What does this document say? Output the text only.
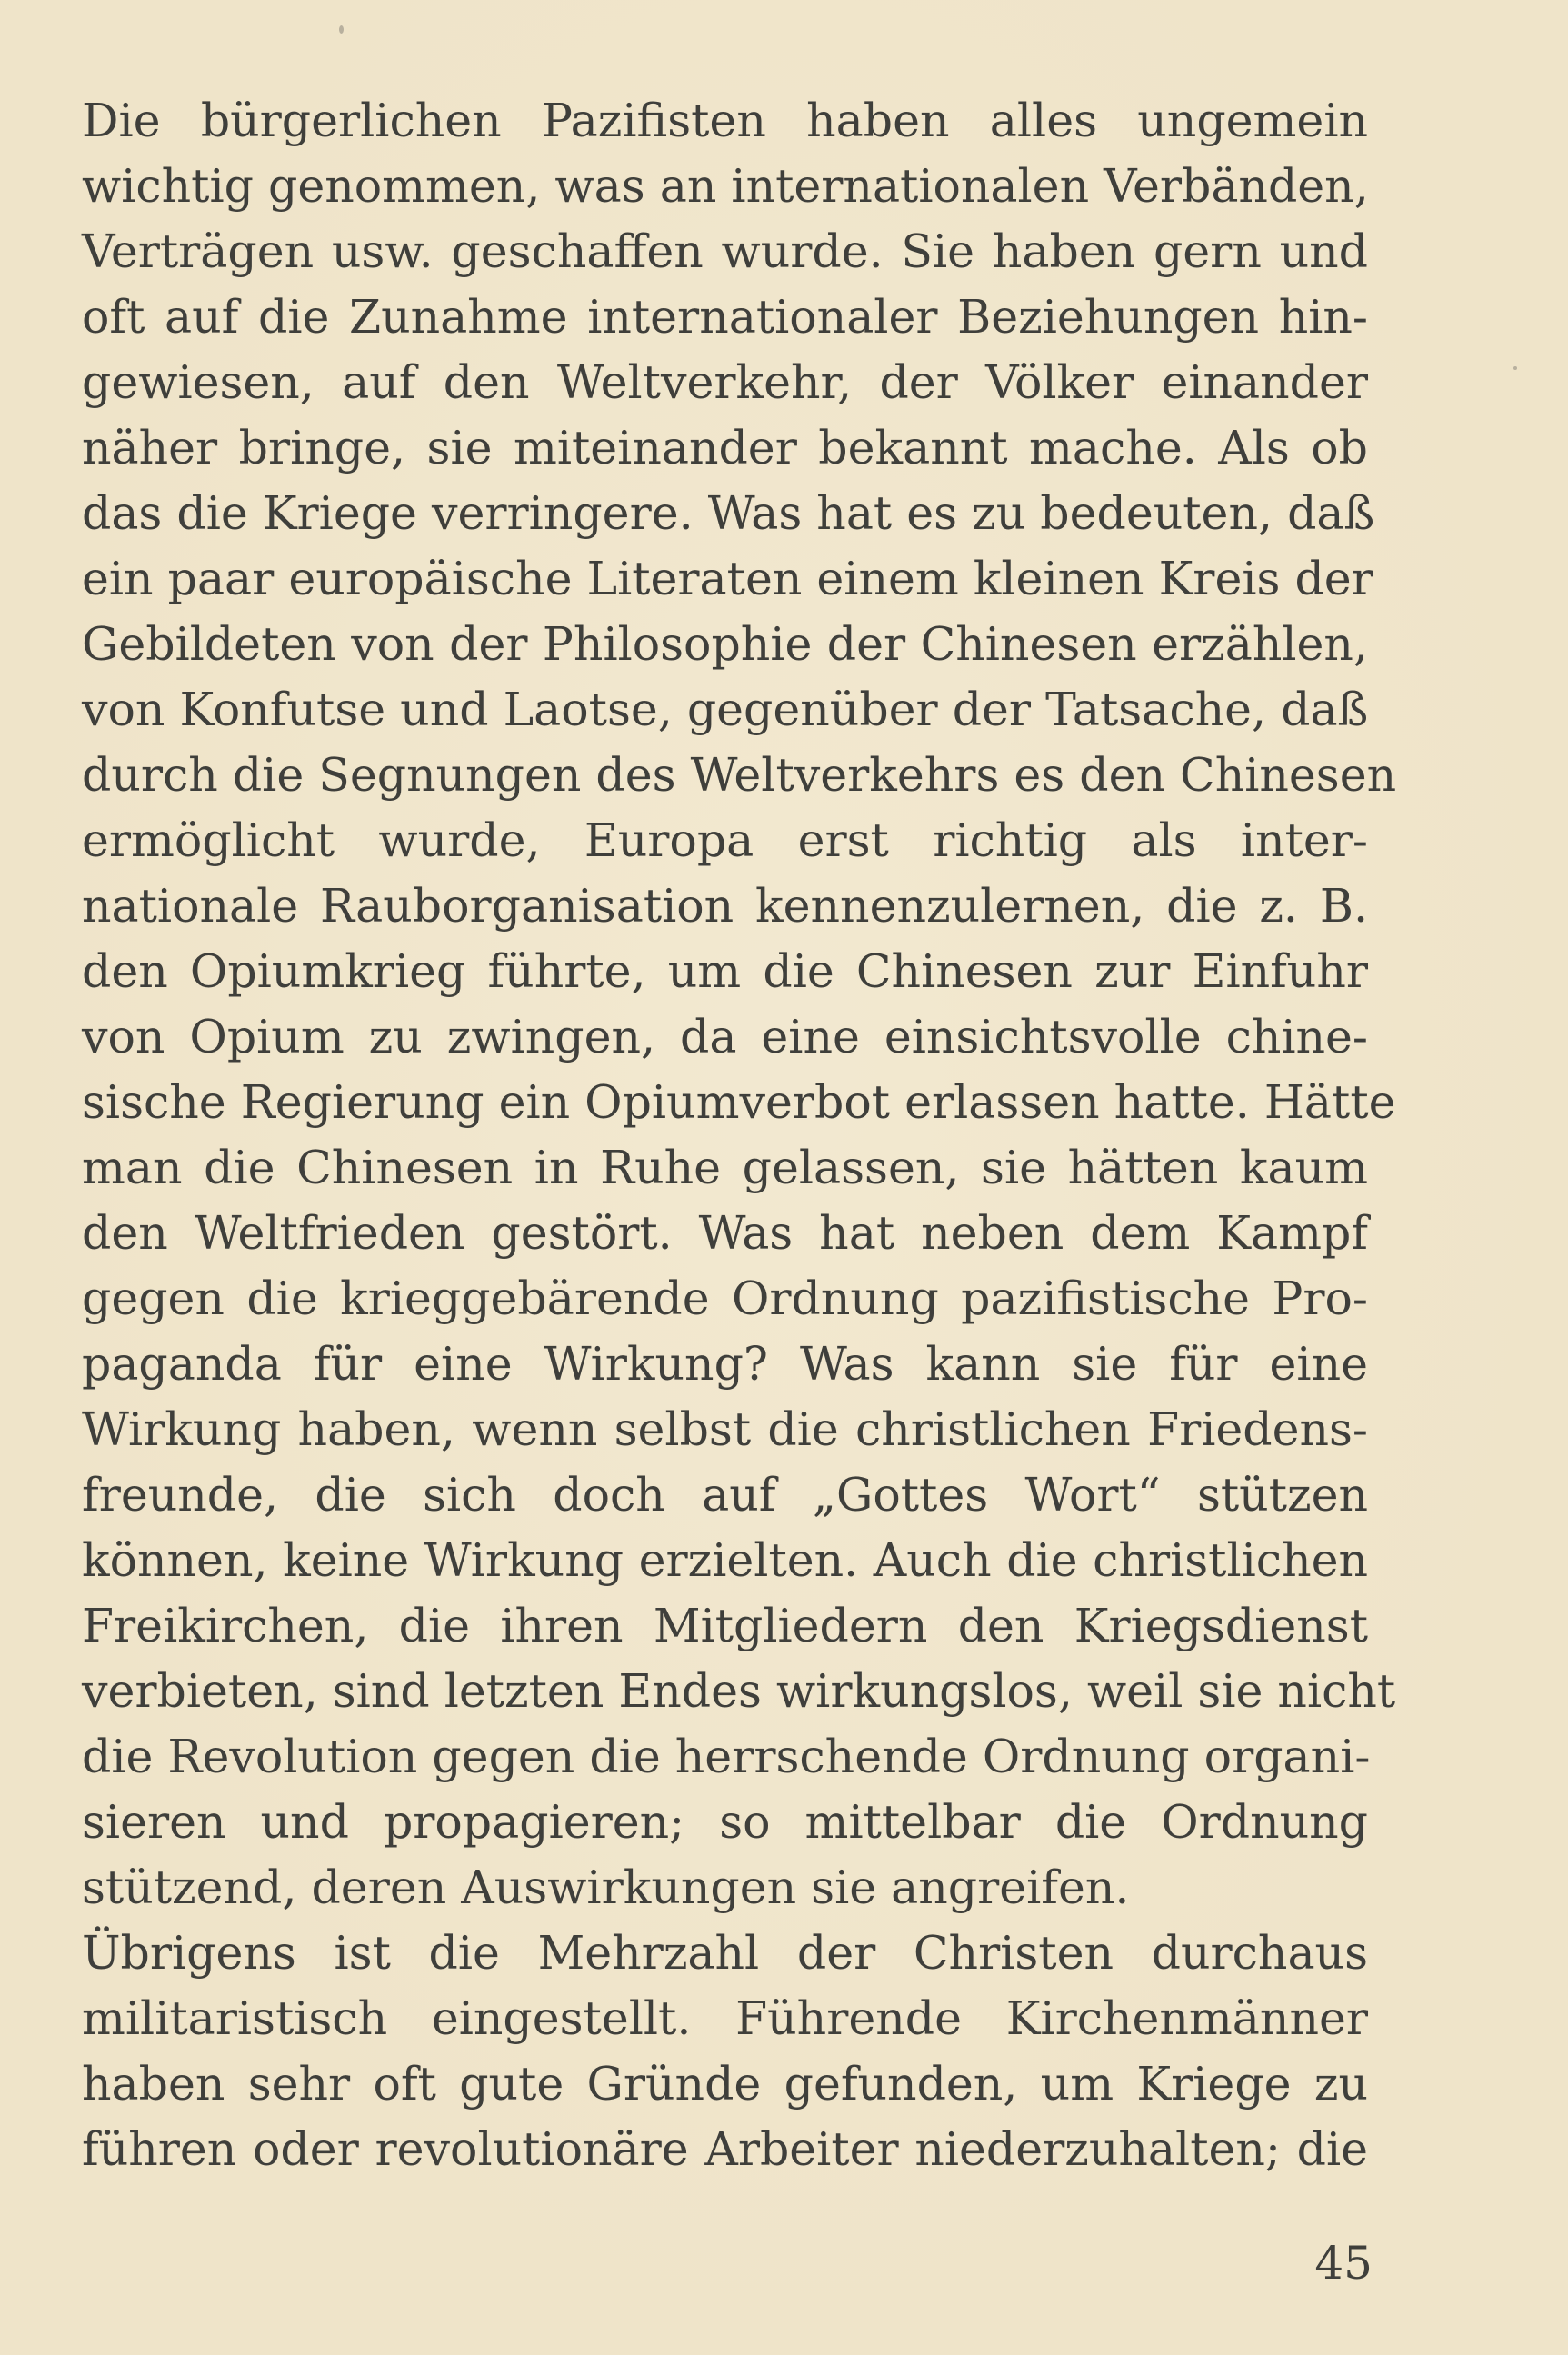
Die bürgerlichen Pazifisten haben alles ungemein
wichtig genommen, was an internationalen Verbänden,
Verträgen usw. geschaffen wurde. Sie haben gern und
oft auf die Zunahme internationaler Beziehungen hin-
gewiesen, auf den Weltverkehr, der Völker einander
näher bringe, sie miteinander bekannt mache. Als ob
das die Kriege verringere. Was hat es zu bedeuten, daß
ein paar europäische Literaten einem kleinen Kreis der
Gebildeten von der Philosophie der Chinesen erzählen,
von Konfutse und Laotse, gegenüber der Tatsache, daß
durch die Segnungen des Weltverkehrs es den Chinesen
ermöglicht wurde, Europa erst richtig als inter-
nationale Rauborganisation kennenzulernen, die z. B.
den Opiumkrieg führte, um die Chinesen zur Einfuhr
von Opium zu zwingen, da eine einsichtsvolle chine-
sische Regierung ein Opiumverbot erlassen hatte. Hätte
man die Chinesen in Ruhe gelassen, sie hätten kaum
den Weltfrieden gestört. Was hat neben dem Kampf
gegen die krieggebärende Ordnung pazifistische Pro-
paganda für eine Wirkung? Was kann sie für eine
Wirkung haben, wenn selbst die christlichen Friedens-
freunde, die sich doch auf „Gottes Wort“ stützen
können, keine Wirkung erzielten. Auch die christlichen
Freikirchen, die ihren Mitgliedern den Kriegsdienst
verbieten, sind letzten Endes wirkungslos, weil sie nicht
die Revolution gegen die herrschende Ordnung organi-
sieren und propagieren; so mittelbar die Ordnung
stützend, deren Auswirkungen sie angreifen.
Übrigens ist die Mehrzahl der Christen durchaus
militaristisch eingestellt. Führende Kirchenmänner
haben sehr oft gute Gründe gefunden, um Kriege zu
führen oder revolutionäre Arbeiter niederzuhalten; die
45
